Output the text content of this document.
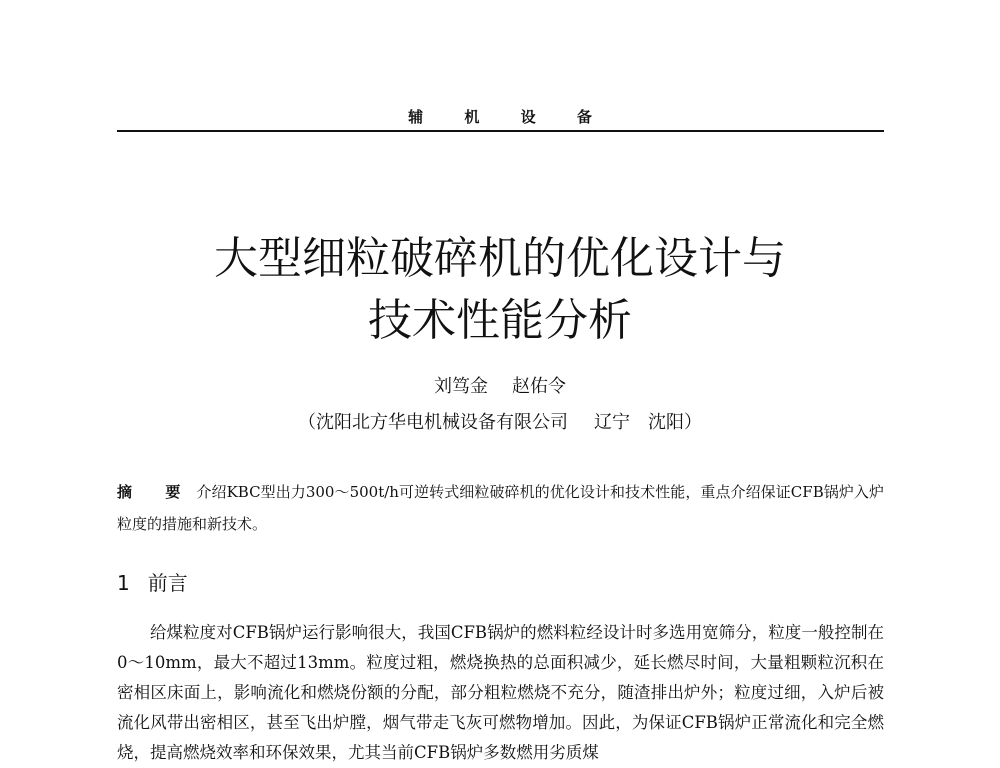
辅 机 设 备
大型细粒破碎机的优化设计与
技术性能分析
刘笃金 赵佑令
（沈阳北方华电机械设备有限公司 辽宁　沈阳）
摘 要 介绍KBC型出力300～500t/h可逆转式细粒破碎机的优化设计和技术性能，重点介绍保证CFB锅炉入炉粒度的措施和新技术。
1 前言

给煤粒度对CFB锅炉运行影响很大，我国CFB锅炉的燃料粒经设计时多选用宽筛分，粒度一般控制在0～10mm，最大不超过13mm。粒度过粗，燃烧换热的总面积减少，延长燃尽时间，大量粗颗粒沉积在密相区床面上，影响流化和燃烧份额的分配，部分粗粒燃烧不充分，随渣排出炉外；粒度过细，入炉后被流化风带出密相区，甚至飞出炉膛，烟气带走飞灰可燃物增加。因此，为保证CFB锅炉正常流化和完全燃烧，提高燃烧效率和环保效果，尤其当前CFB锅炉多数燃用劣质煤
